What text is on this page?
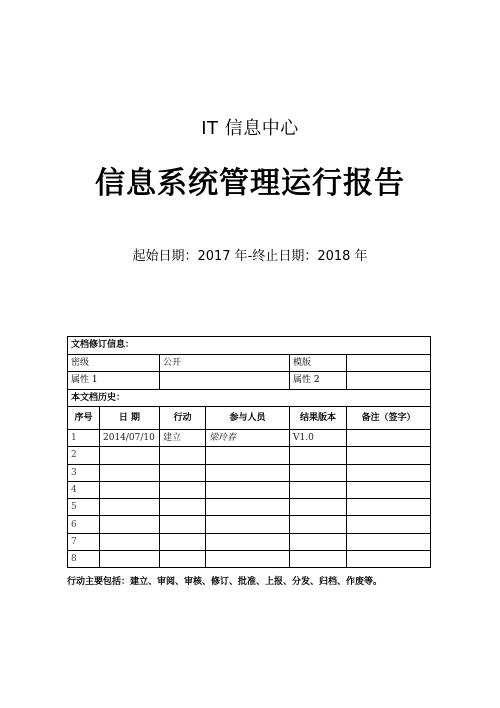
IT 信息中心
信息系统管理运行报告
起始日期：2017 年-终止日期：2018 年
文档修订信息：					
密级		公开		模版	
属性 1				属性 2	
本文档历史：					
序号	日 期	行动	参与人员	结果版本	备注（签字）
1	2014/07/10	建立	梁玲春	V1.0	
2					
3					
4					
5					
6					
7					
8					
行动主要包括：建立、审阅、审核、修订、批准、上报、分发、归档、作废等。
